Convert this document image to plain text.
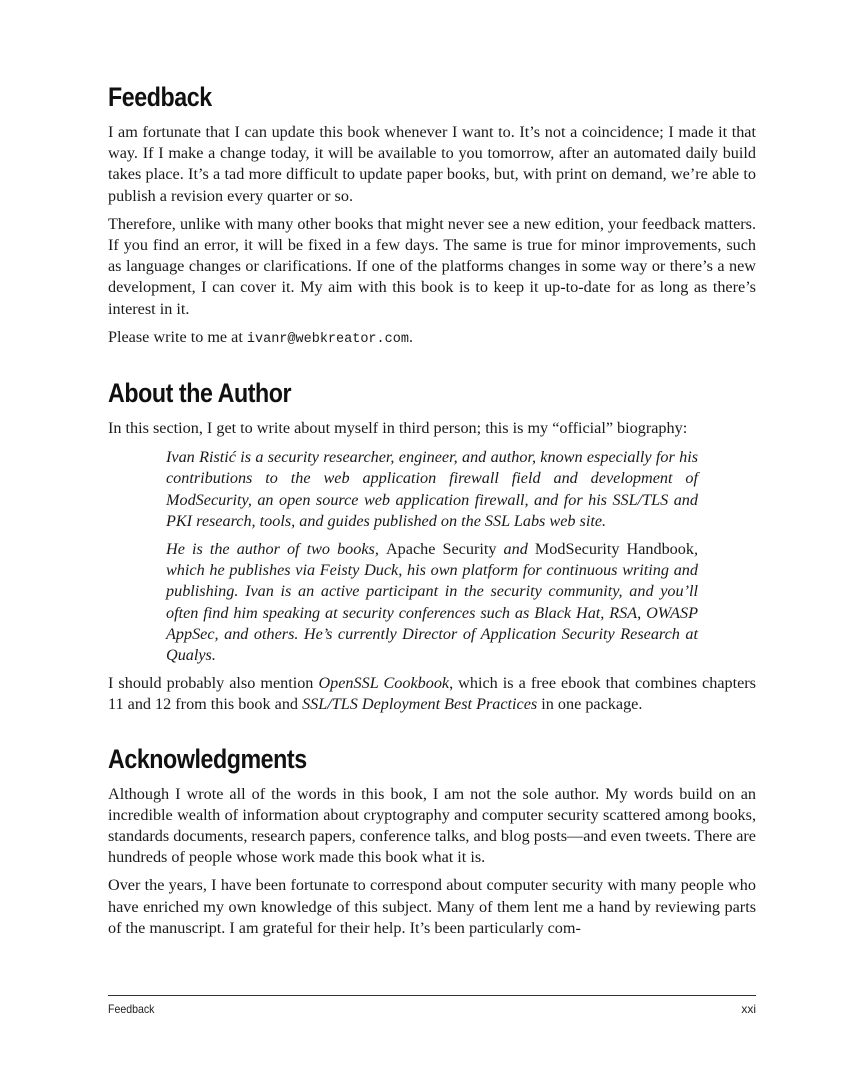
Feedback

I am fortunate that I can update this book whenever I want to. It’s not a coincidence; I made it that way. If I make a change today, it will be available to you tomorrow, after an automated daily build takes place. It’s a tad more difficult to update paper books, but, with print on demand, we’re able to publish a revision every quarter or so.

Therefore, unlike with many other books that might never see a new edition, your feedback matters. If you find an error, it will be fixed in a few days. The same is true for minor improvements, such as language changes or clarifications. If one of the platforms changes in some way or there’s a new development, I can cover it. My aim with this book is to keep it up-to-date for as long as there’s interest in it.

Please write to me at ivanr@webkreator.com.

About the Author

In this section, I get to write about myself in third person; this is my “official” biography:

Ivan Ristić is a security researcher, engineer, and author, known especially for his contributions to the web application firewall field and development of ModSecurity, an open source web application firewall, and for his SSL/TLS and PKI research, tools, and guides published on the SSL Labs web site.

He is the author of two books, Apache Security and ModSecurity Handbook, which he publishes via Feisty Duck, his own platform for continuous writing and publishing. Ivan is an active participant in the security community, and you’ll often find him speaking at security conferences such as Black Hat, RSA, OWASP AppSec, and others. He’s currently Director of Application Security Research at Qualys.

I should probably also mention OpenSSL Cookbook, which is a free ebook that combines chapters 11 and 12 from this book and SSL/TLS Deployment Best Practices in one package.

Acknowledgments

Although I wrote all of the words in this book, I am not the sole author. My words build on an incredible wealth of information about cryptography and computer security scattered among books, standards documents, research papers, conference talks, and blog posts—and even tweets. There are hundreds of people whose work made this book what it is.

Over the years, I have been fortunate to correspond about computer security with many people who have enriched my own knowledge of this subject. Many of them lent me a hand by reviewing parts of the manuscript. I am grateful for their help. It’s been particularly com-

Feedback	xxi
